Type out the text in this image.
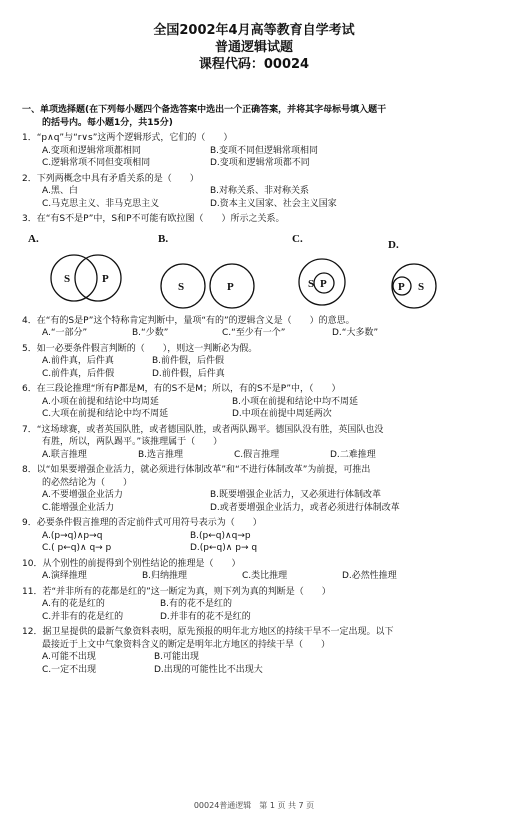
全国2002年4月高等教育自学考试
普通逻辑试题
课程代码：00024
一、单项选择题(在下列每小题四个备选答案中选出一个正确答案，并将其字母标号填入题干
的括号内。每小题1分，共15分)
1．“p∧q”与“r∨s”这两个逻辑形式，它们的（　　）
A.变项和逻辑常项都相同	B.变项不同但逻辑常项相同
C.逻辑常项不同但变项相同	D.变项和逻辑常项都不同
2．下列两概念中具有矛盾关系的是（　　）
A.黑、白	B.对称关系、非对称关系
C.马克思主义、非马克思主义	D.资本主义国家、社会主义国家
3．在“有S不是P”中，S和P不可能有欧拉图（　　）所示之关系。
A.
S	P
B.
S	P
C.
S P
D.
P S
4．在“有的S是P”这个特称肯定判断中，量项“有的”的逻辑含义是（　　）的意思。
A.“一部分”	B.“少数”	C.“至少有一个”	D.“大多数”
5．如一必要条件假言判断的（　　），则这一判断必为假。
A.前件真，后件真	B.前件假，后件假
C.前件真，后件假	D.前件假，后件真
6．在三段论推理“所有P都是M，有的S不是M；所以，有的S不是P”中，（　　）
A.小项在前提和结论中均周延	B.小项在前提和结论中均不周延
C.大项在前提和结论中均不周延	D.中项在前提中周延两次
7．“这场球赛，或者英国队胜，或者德国队胜，或者两队踢平。德国队没有胜，英国队也没
有胜，所以，两队踢平。”该推理属于（　　）
A.联言推理	B.选言推理	C.假言推理	D.二难推理
8．以“如果要增强企业活力，就必须进行体制改革”和“不进行体制改革”为前提，可推出
的必然结论为（　　）
A.不要增强企业活力	B.既要增强企业活力，又必须进行体制改革
C.能增强企业活力	D.或者要增强企业活力，或者必须进行体制改革
9．必要条件假言推理的否定前件式可用符号表示为（　　）
A.(p→q)∧p→q	B.(p←q)∧q→p
C.( p←q)∧ q→ p	D.(p←q)∧ p→ q
10．从个别性的前提得到个别性结论的推理是（　　）
A.演绎推理	B.归纳推理	C.类比推理	D.必然性推理
11．若“并非所有的花都是红的”这一断定为真，则下列为真的判断是（　　）
A.有的花是红的	B.有的花不是红的
C.并非有的花是红的	D.并非有的花不是红的
12．据卫星提供的最新气象资料表明，原先预报的明年北方地区的持续干旱不一定出现。以下
最接近于上文中气象资料含义的断定是明年北方地区的持续干旱（　　）
A.可能不出现	B.可能出现
C.一定不出现	D.出现的可能性比不出现大
00024普通逻辑　第 1 页 共 7 页
